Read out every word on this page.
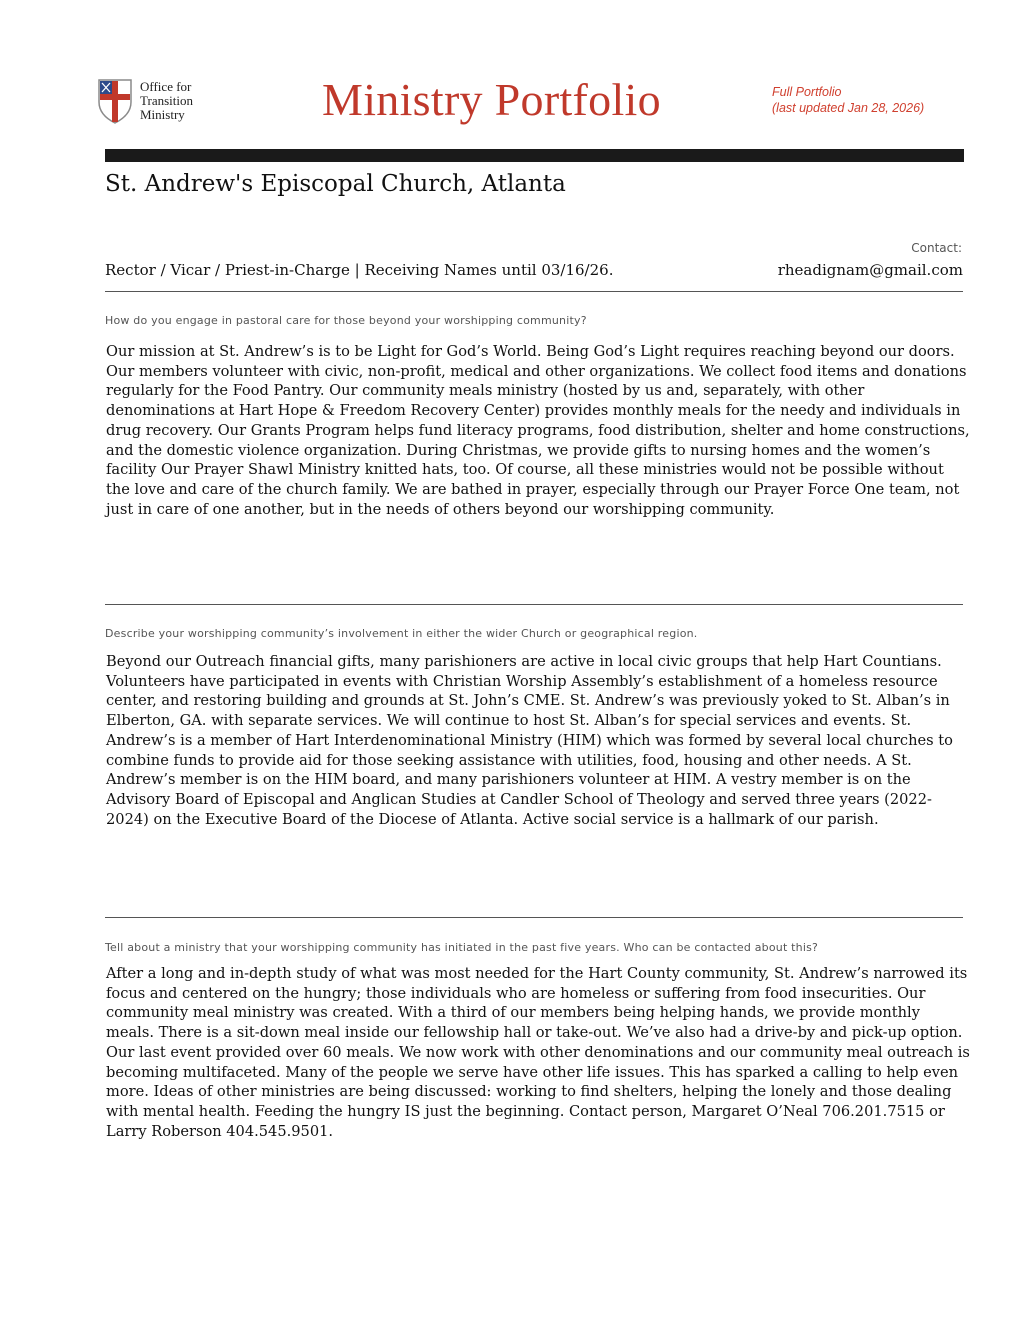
Office for
Transition
Ministry	Ministry Portfolio	Full Portfolio
(last updated Jan 28, 2026)
St. Andrew's Episcopal Church, Atlanta
Contact:
Rector / Vicar / Priest-in-Charge | Receiving Names until 03/16/26.	rheadignam@gmail.com
How do you engage in pastoral care for those beyond your worshipping community?

Our mission at St. Andrew’s is to be Light for God’s World. Being God’s Light requires reaching beyond our doors. Our members volunteer with civic, non-profit, medical and other organizations. We collect food items and donations regularly for the Food Pantry. Our community meals ministry (hosted by us and, separately, with other denominations at Hart Hope & Freedom Recovery Center) provides monthly meals for the needy and individuals in drug recovery. Our Grants Program helps fund literacy programs, food distribution, shelter and home constructions, and the domestic violence organization. During Christmas, we provide gifts to nursing homes and the women’s facility Our Prayer Shawl Ministry knitted hats, too. Of course, all these ministries would not be possible without the love and care of the church family. We are bathed in prayer, especially through our Prayer Force One team, not just in care of one another, but in the needs of others beyond our worshipping community.

Describe your worshipping community’s involvement in either the wider Church or geographical region.

Beyond our Outreach financial gifts, many parishioners are active in local civic groups that help Hart Countians. Volunteers have participated in events with Christian Worship Assembly’s establishment of a homeless resource center, and restoring building and grounds at St. John’s CME. St. Andrew’s was previously yoked to St. Alban’s in Elberton, GA. with separate services. We will continue to host St. Alban’s for special services and events. St. Andrew’s is a member of Hart Interdenominational Ministry (HIM) which was formed by several local churches to combine funds to provide aid for those seeking assistance with utilities, food, housing and other needs. A St. Andrew’s member is on the HIM board, and many parishioners volunteer at HIM. A vestry member is on the Advisory Board of Episcopal and Anglican Studies at Candler School of Theology and served three years (2022-2024) on the Executive Board of the Diocese of Atlanta. Active social service is a hallmark of our parish.

Tell about a ministry that your worshipping community has initiated in the past five years. Who can be contacted about this?

After a long and in-depth study of what was most needed for the Hart County community, St. Andrew’s narrowed its focus and centered on the hungry; those individuals who are homeless or suffering from food insecurities. Our community meal ministry was created. With a third of our members being helping hands, we provide monthly meals. There is a sit-down meal inside our fellowship hall or take-out. We’ve also had a drive-by and pick-up option. Our last event provided over 60 meals. We now work with other denominations and our community meal outreach is becoming multifaceted. Many of the people we serve have other life issues. This has sparked a calling to help even more. Ideas of other ministries are being discussed: working to find shelters, helping the lonely and those dealing with mental health. Feeding the hungry IS just the beginning. Contact person, Margaret O’Neal 706.201.7515 or Larry Roberson 404.545.9501.
